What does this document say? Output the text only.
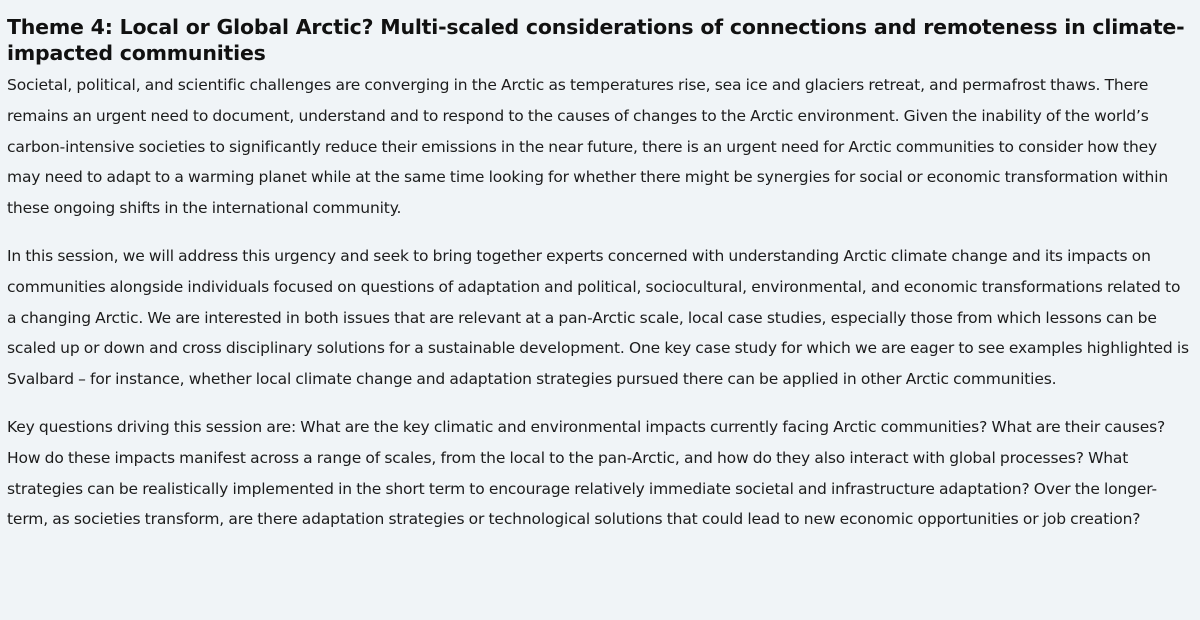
Theme 4: Local or Global Arctic? Multi-scaled considerations of connections and remoteness in climate-impacted communities

Societal, political, and scientific challenges are converging in the Arctic as temperatures rise, sea ice and glaciers retreat, and permafrost thaws. There remains an urgent need to document, understand and to respond to the causes of changes to the Arctic environment. Given the inability of the world’s carbon-intensive societies to significantly reduce their emissions in the near future, there is an urgent need for Arctic communities to consider how they may need to adapt to a warming planet while at the same time looking for whether there might be synergies for social or economic transformation within these ongoing shifts in the international community.

In this session, we will address this urgency and seek to bring together experts concerned with understanding Arctic climate change and its impacts on communities alongside individuals focused on questions of adaptation and political, sociocultural, environmental, and economic transformations related to a changing Arctic. We are interested in both issues that are relevant at a pan-Arctic scale, local case studies, especially those from which lessons can be scaled up or down and cross disciplinary solutions for a sustainable development. One key case study for which we are eager to see examples highlighted is Svalbard – for instance, whether local climate change and adaptation strategies pursued there can be applied in other Arctic communities.

Key questions driving this session are: What are the key climatic and environmental impacts currently facing Arctic communities? What are their causes? How do these impacts manifest across a range of scales, from the local to the pan-Arctic, and how do they also interact with global processes? What strategies can be realistically implemented in the short term to encourage relatively immediate societal and infrastructure adaptation? Over the longer-term, as societies transform, are there adaptation strategies or technological solutions that could lead to new economic opportunities or job creation?
